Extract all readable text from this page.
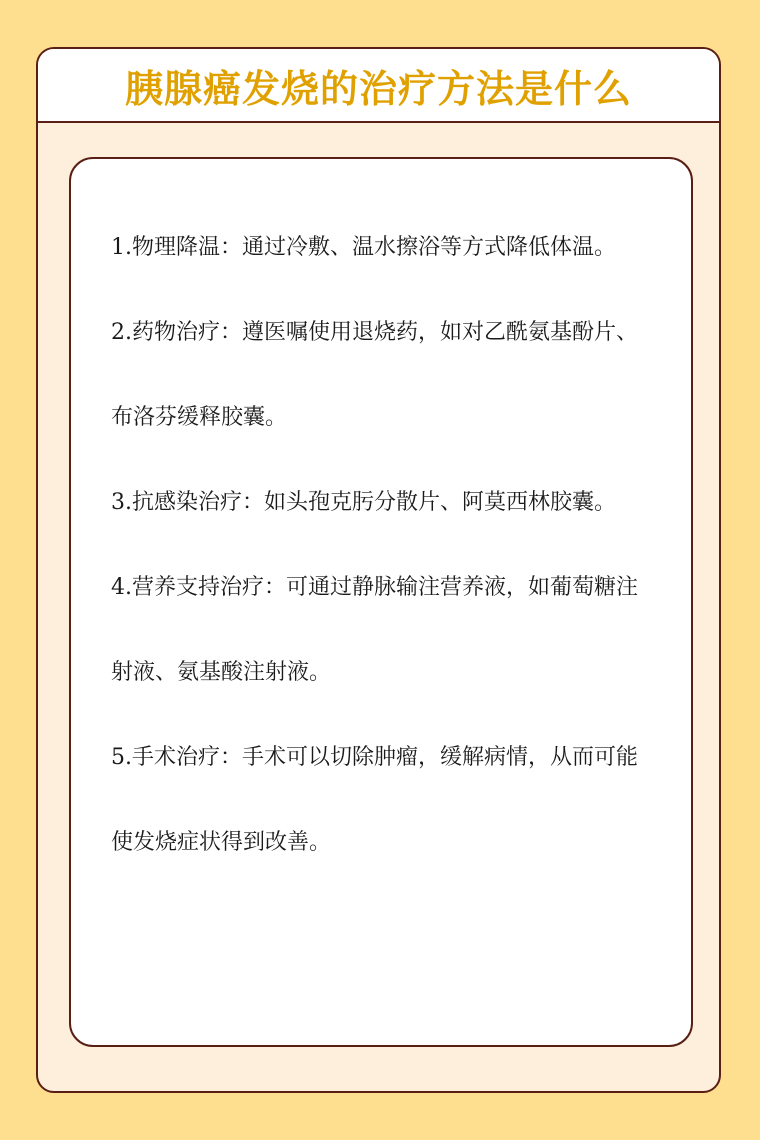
胰腺癌发烧的治疗方法是什么

1.物理降温：通过冷敷、温水擦浴等方式降低体温。

2.药物治疗：遵医嘱使用退烧药，如对乙酰氨基酚片、布洛芬缓释胶囊。

3.抗感染治疗：如头孢克肟分散片、阿莫西林胶囊。

4.营养支持治疗：可通过静脉输注营养液，如葡萄糖注射液、氨基酸注射液。

5.手术治疗：手术可以切除肿瘤，缓解病情，从而可能使发烧症状得到改善。
